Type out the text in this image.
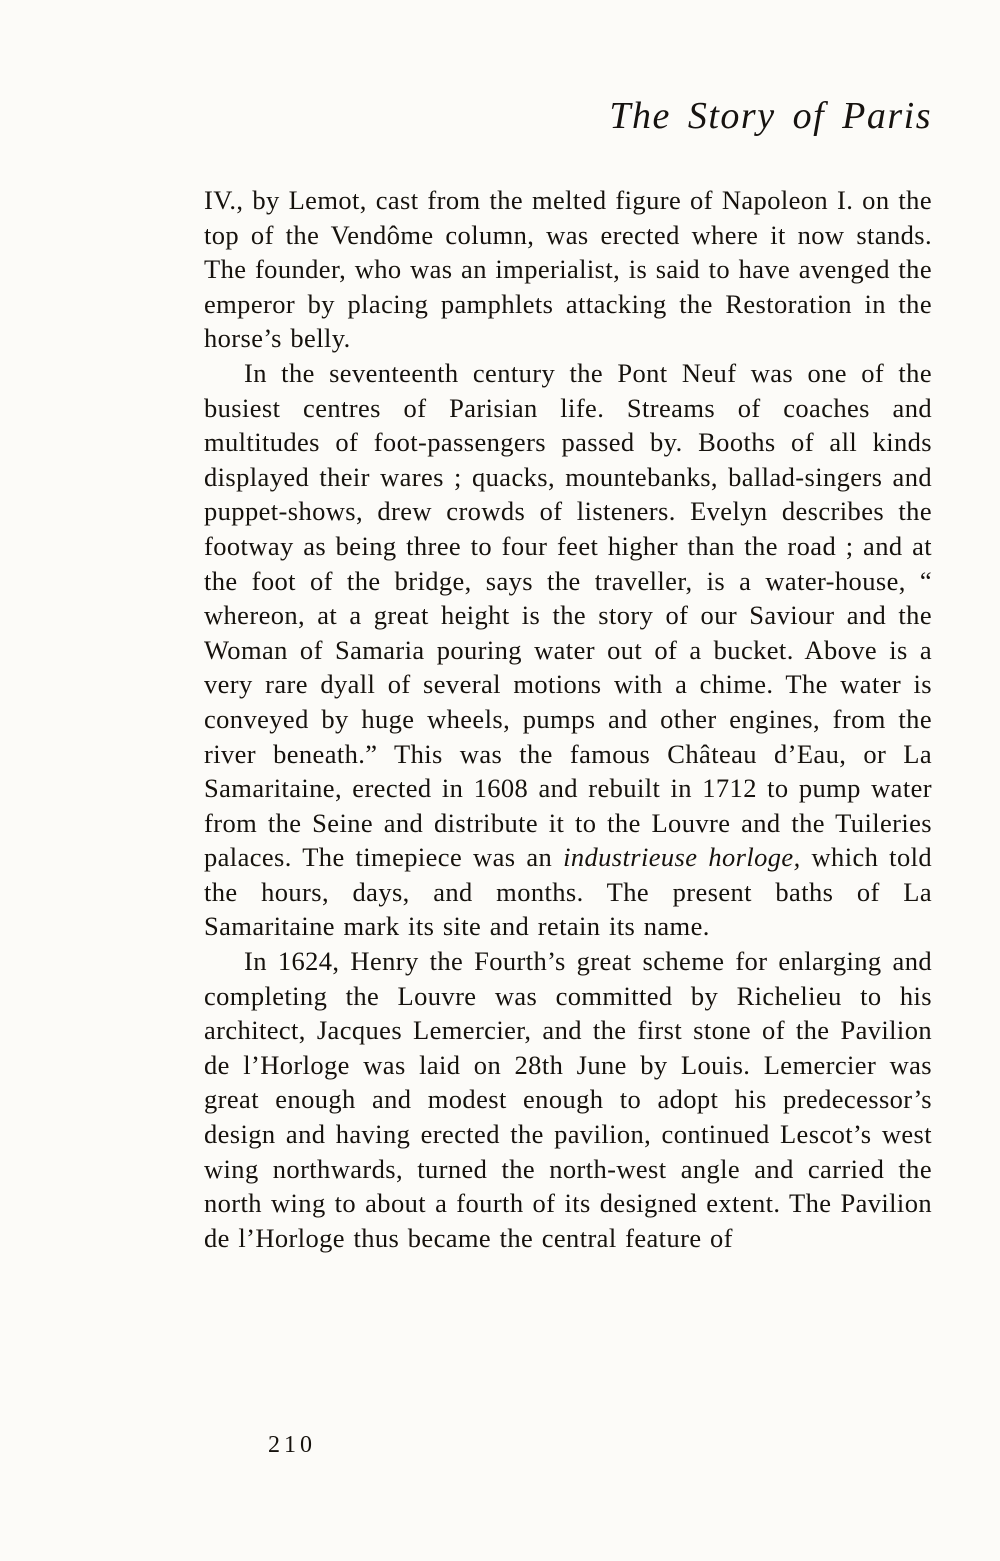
The Story of Paris

IV., by Lemot, cast from the melted figure of Napoleon I. on the top of the Vendôme column, was erected where it now stands. The founder, who was an imperialist, is said to have avenged the emperor by placing pamphlets attacking the Restoration in the horse’s belly.

In the seventeenth century the Pont Neuf was one of the busiest centres of Parisian life. Streams of coaches and multitudes of foot-passengers passed by. Booths of all kinds displayed their wares ; quacks, mountebanks, ballad-singers and puppet-shows, drew crowds of listeners. Evelyn describes the footway as being three to four feet higher than the road ; and at the foot of the bridge, says the traveller, is a water-house, “ whereon, at a great height is the story of our Saviour and the Woman of Samaria pouring water out of a bucket. Above is a very rare dyall of several motions with a chime. The water is conveyed by huge wheels, pumps and other engines, from the river beneath.” This was the famous Château d’Eau, or La Samaritaine, erected in 1608 and rebuilt in 1712 to pump water from the Seine and distribute it to the Louvre and the Tuileries palaces. The timepiece was an industrieuse horloge, which told the hours, days, and months. The present baths of La Samaritaine mark its site and retain its name.

In 1624, Henry the Fourth’s great scheme for enlarging and completing the Louvre was committed by Richelieu to his architect, Jacques Lemercier, and the first stone of the Pavilion de l’Horloge was laid on 28th June by Louis. Lemercier was great enough and modest enough to adopt his predecessor’s design and having erected the pavilion, continued Lescot’s west wing northwards, turned the north-west angle and carried the north wing to about a fourth of its designed extent. The Pavilion de l’Horloge thus became the central feature of

210
